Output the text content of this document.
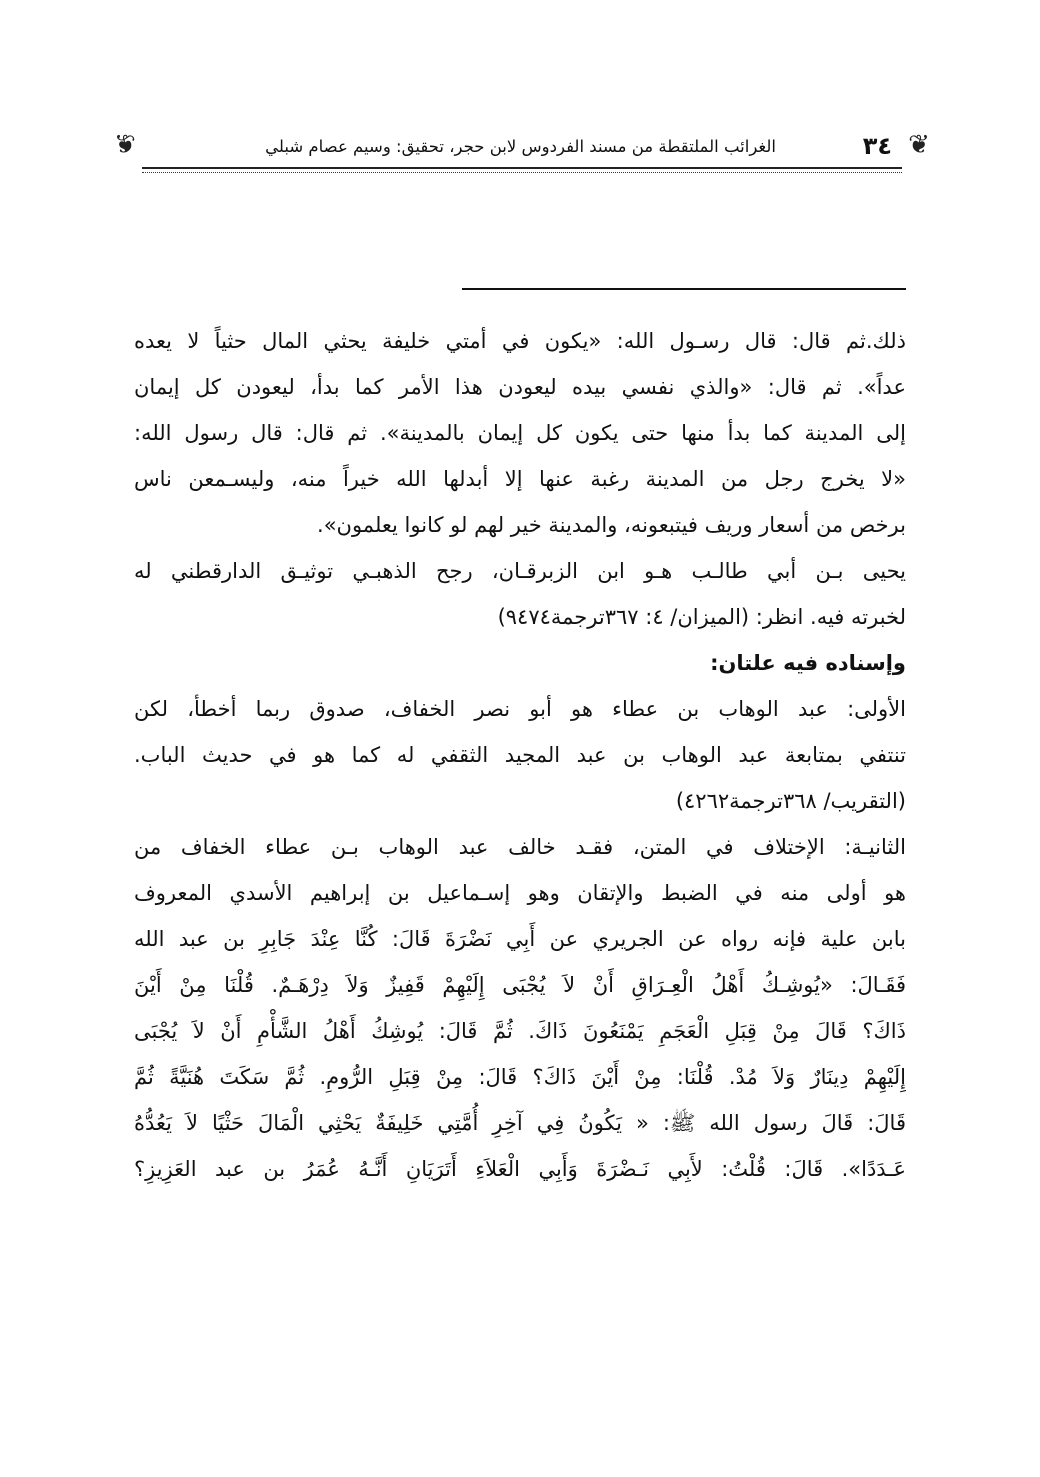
❦
٣٤
الغرائب الملتقطة من مسند الفردوس لابن حجر، تحقيق: وسيم عصام شبلي
❦
ذلك.ثم قال: قال رسـول الله: «يكون في أمتي خليفة يحثي المال حثياً لا يعده
عداً». ثم قال: «والذي نفسي بيده ليعودن هذا الأمر كما بدأ، ليعودن كل إيمان
إلى المدينة كما بدأ منها حتى يكون كل إيمان بالمدينة». ثم قال: قال رسول الله:
«لا يخرج رجل من المدينة رغبة عنها إلا أبدلها الله خيراً منه، وليسـمعن ناس
برخص من أسعار وريف فيتبعونه، والمدينة خير لهم لو كانوا يعلمون».
يحيى بـن أبي طالـب هـو ابن الزبرقـان، رجح الذهبـي توثيـق الدارقطني له
لخبرته فيه. انظر: (الميزان/ ٤: ٣٦٧ترجمة٩٤٧٤)
وإسناده فيه علتان:
الأولى: عبد الوهاب بن عطاء هو أبو نصر الخفاف، صدوق ربما أخطأ، لكن
تنتفي بمتابعة عبد الوهاب بن عبد المجيد الثقفي له كما هو في حديث الباب.
(التقريب/ ٣٦٨ترجمة٤٢٦٢)
الثانيـة: الإختلاف في المتن، فقـد خالف عبد الوهاب بـن عطاء الخفاف من
هو أولى منه في الضبط والإتقان وهو إسـماعيل بن إبراهيم الأسدي المعروف
بابن علية فإنه رواه عن الجريري عن أَبِي نَضْرَةَ قَالَ: كُنَّا عِنْدَ جَابِرِ بن عبد الله
فَقَـالَ: «يُوشِـكُ أَهْلُ الْعِـرَاقِ أَنْ لاَ يُجْبَى إِلَيْهِمْ قَفِيزٌ وَلاَ دِرْهَـمٌ. قُلْنَا مِنْ أَيْنَ
ذَاكَ؟ قَالَ مِنْ قِبَلِ الْعَجَمِ يَمْنَعُونَ ذَاكَ. ثُمَّ قَالَ: يُوشِكُ أَهْلُ الشَّأْمِ أَنْ لاَ يُجْبَى
إِلَيْهِمْ دِينَارٌ وَلاَ مُدْ. قُلْنَا: مِنْ أَيْنَ ذَاكَ؟ قَالَ: مِنْ قِبَلِ الرُّومِ. ثُمَّ سَكَتَ هُنَيَّةً ثُمَّ
قَالَ: قَالَ رسول الله ﷺ: « يَكُونُ فِي آخِرِ أُمَّتِي خَلِيفَةٌ يَحْثِي الْمَالَ حَثْيًا لاَ يَعُدُّهُ
عَـدَدًا». قَالَ: قُلْتُ: لأَبِي نَـضْرَةَ وَأَبِي الْعَلاَءِ أَتَرَيَانِ أَنَّـهُ عُمَرُ بن عبد العَزِيزِ؟
